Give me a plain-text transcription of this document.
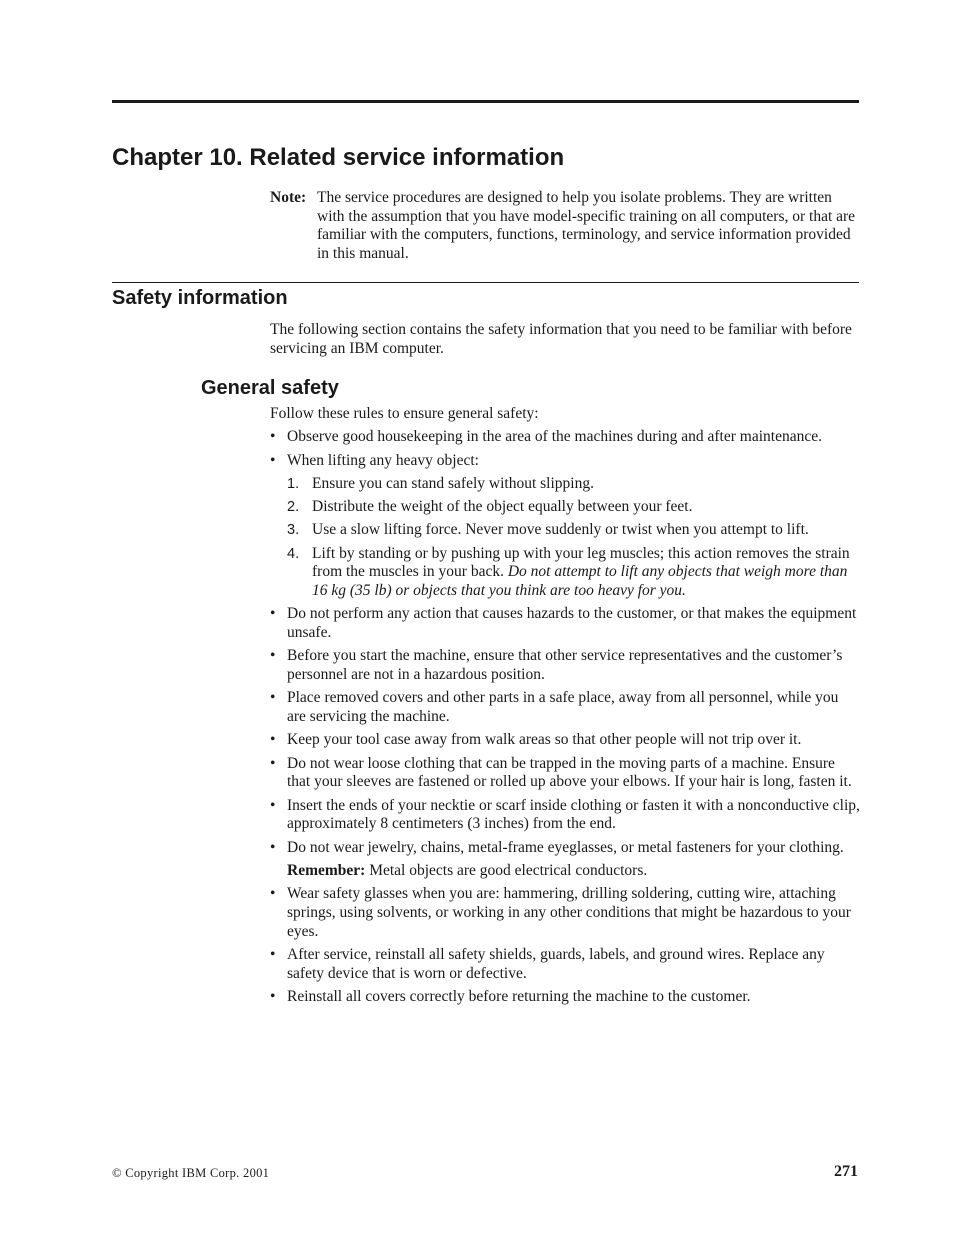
Chapter 10. Related service information
Note: The service procedures are designed to help you isolate problems. They are written with the assumption that you have model-specific training on all computers, or that are familiar with the computers, functions, terminology, and service information provided in this manual.
Safety information

The following section contains the safety information that you need to be familiar with before servicing an IBM computer.

General safety

Follow these rules to ensure general safety:

• Observe good housekeeping in the area of the machines during and after maintenance.
• When lifting any heavy object:
1. Ensure you can stand safely without slipping.
2. Distribute the weight of the object equally between your feet.
3. Use a slow lifting force. Never move suddenly or twist when you attempt to lift.
4. Lift by standing or by pushing up with your leg muscles; this action removes the strain from the muscles in your back. Do not attempt to lift any objects that weigh more than 16 kg (35 lb) or objects that you think are too heavy for you.
• Do not perform any action that causes hazards to the customer, or that makes the equipment unsafe.
• Before you start the machine, ensure that other service representatives and the customer’s personnel are not in a hazardous position.
• Place removed covers and other parts in a safe place, away from all personnel, while you are servicing the machine.
• Keep your tool case away from walk areas so that other people will not trip over it.
• Do not wear loose clothing that can be trapped in the moving parts of a machine. Ensure that your sleeves are fastened or rolled up above your elbows. If your hair is long, fasten it.
• Insert the ends of your necktie or scarf inside clothing or fasten it with a nonconductive clip, approximately 8 centimeters (3 inches) from the end.
• Do not wear jewelry, chains, metal-frame eyeglasses, or metal fasteners for your clothing.

Remember: Metal objects are good electrical conductors.

• Wear safety glasses when you are: hammering, drilling soldering, cutting wire, attaching springs, using solvents, or working in any other conditions that might be hazardous to your eyes.
• After service, reinstall all safety shields, guards, labels, and ground wires. Replace any safety device that is worn or defective.
• Reinstall all covers correctly before returning the machine to the customer.
© Copyright IBM Corp. 2001	271
